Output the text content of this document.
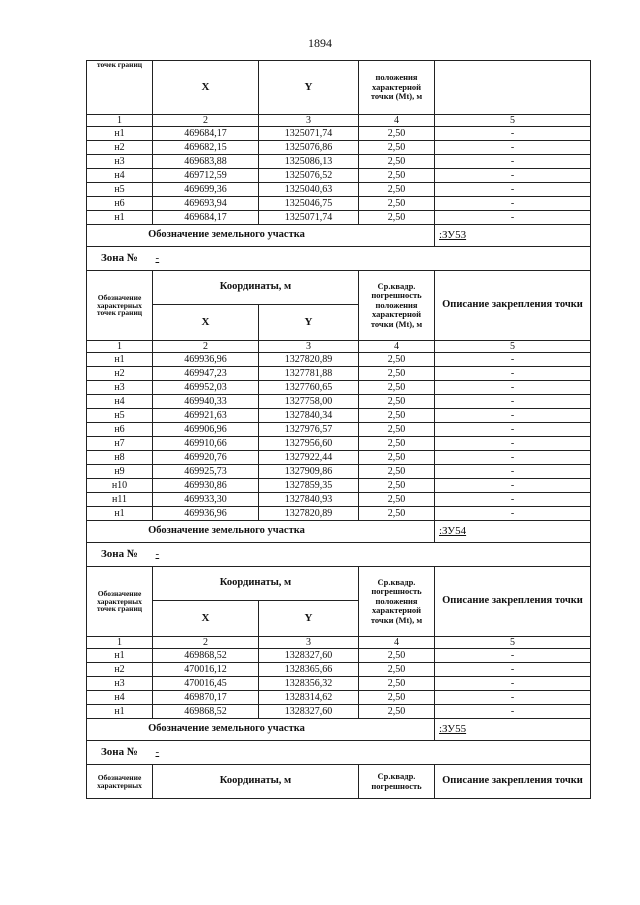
1894
точек границ	X	Y	положения характерной точки (Mt), м	
1	2	3	4	5
н1	469684,17	1325071,74	2,50	-
н2	469682,15	1325076,86	2,50	-
н3	469683,88	1325086,13	2,50	-
н4	469712,59	1325076,52	2,50	-
н5	469699,36	1325040,63	2,50	-
н6	469693,94	1325046,75	2,50	-
н1	469684,17	1325071,74	2,50	-
Обозначение земельного участка				:ЗУ53
Зона №	-			
Обозначение характерных точек границ	Координаты, м		Ср.квадр. погрешность положения характерной точки (Mt), м	Описание закрепления точки
	X	Y		
1	2	3	4	5
н1	469936,96	1327820,89	2,50	-
н2	469947,23	1327781,88	2,50	-
н3	469952,03	1327760,65	2,50	-
н4	469940,33	1327758,00	2,50	-
н5	469921,63	1327840,34	2,50	-
н6	469906,96	1327976,57	2,50	-
н7	469910,66	1327956,60	2,50	-
н8	469920,76	1327922,44	2,50	-
н9	469925,73	1327909,86	2,50	-
н10	469930,86	1327859,35	2,50	-
н11	469933,30	1327840,93	2,50	-
н1	469936,96	1327820,89	2,50	-
Обозначение земельного участка				:ЗУ54
Зона №	-			
Обозначение характерных точек границ	Координаты, м		Ср.квадр. погрешность положения характерной точки (Mt), м	Описание закрепления точки
	X	Y		
1	2	3	4	5
н1	469868,52	1328327,60	2,50	-
н2	470016,12	1328365,66	2,50	-
н3	470016,45	1328356,32	2,50	-
н4	469870,17	1328314,62	2,50	-
н1	469868,52	1328327,60	2,50	-
Обозначение земельного участка				:ЗУ55
Зона №	-			
Обозначение характерных	Координаты, м		Ср.квадр. погрешность	Описание закрепления точки
